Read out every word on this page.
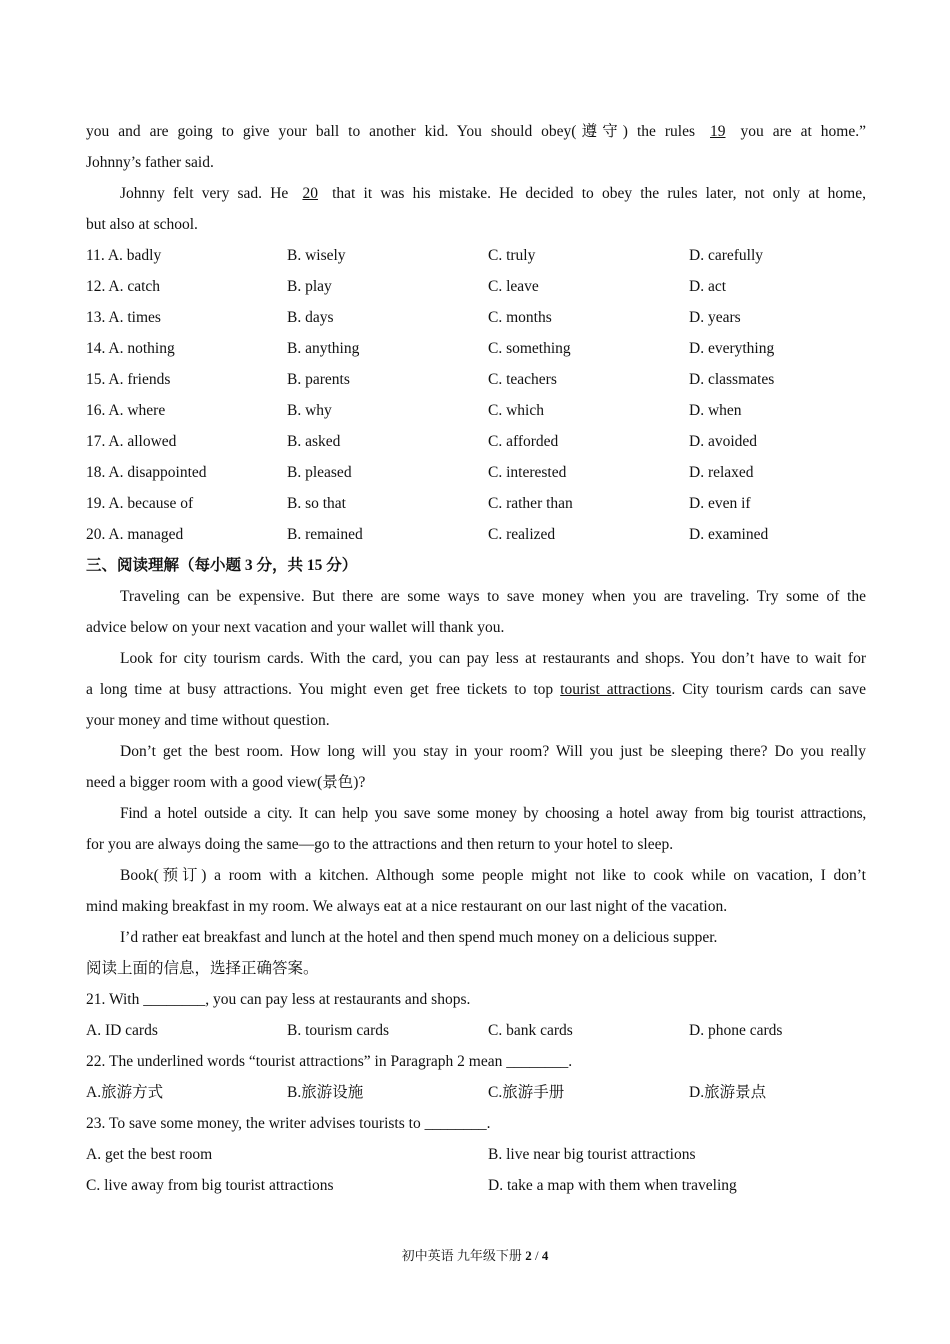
you and are going to give your ball to another kid. You should obey(遵守) the rules 19 you are at home.”
Johnny’s father said.
Johnny felt very sad. He 20 that it was his mistake. He decided to obey the rules later, not only at home,
but also at school.
11. A. badly	B. wisely	C. truly	D. carefully
12. A. catch	B. play	C. leave	D. act
13. A. times	B. days	C. months	D. years
14. A. nothing	B. anything	C. something	D. everything
15. A. friends	B. parents	C. teachers	D. classmates
16. A. where	B. why	C. which	D. when
17. A. allowed	B. asked	C. afforded	D. avoided
18. A. disappointed	B. pleased	C. interested	D. relaxed
19. A. because of	B. so that	C. rather than	D. even if
20. A. managed	B. remained	C. realized	D. examined
三、阅读理解（每小题 3 分，共 15 分）
Traveling can be expensive. But there are some ways to save money when you are traveling. Try some of the
advice below on your next vacation and your wallet will thank you.
Look for city tourism cards. With the card, you can pay less at restaurants and shops. You don’t have to wait for
a long time at busy attractions. You might even get free tickets to top tourist attractions. City tourism cards can save
your money and time without question.
Don’t get the best room. How long will you stay in your room? Will you just be sleeping there? Do you really
need a bigger room with a good view(景色)?
Find a hotel outside a city. It can help you save some money by choosing a hotel away from big tourist attractions,
for you are always doing the same—go to the attractions and then return to your hotel to sleep.
Book(预订) a room with a kitchen. Although some people might not like to cook while on vacation, I don’t
mind making breakfast in my room. We always eat at a nice restaurant on our last night of the vacation.
I’d rather eat breakfast and lunch at the hotel and then spend much money on a delicious supper.
阅读上面的信息，选择正确答案。
21. With ________, you can pay less at restaurants and shops.
A. ID cards	B. tourism cards	C. bank cards	D. phone cards
22. The underlined words “tourist attractions” in Paragraph 2 mean ________.
A.旅游方式	B.旅游设施	C.旅游手册	D.旅游景点
23. To save some money, the writer advises tourists to ________.
A. get the best room	B. live near big tourist attractions
C. live away from big tourist attractions	D. take a map with them when traveling
初中英语 九年级下册 2 / 4
